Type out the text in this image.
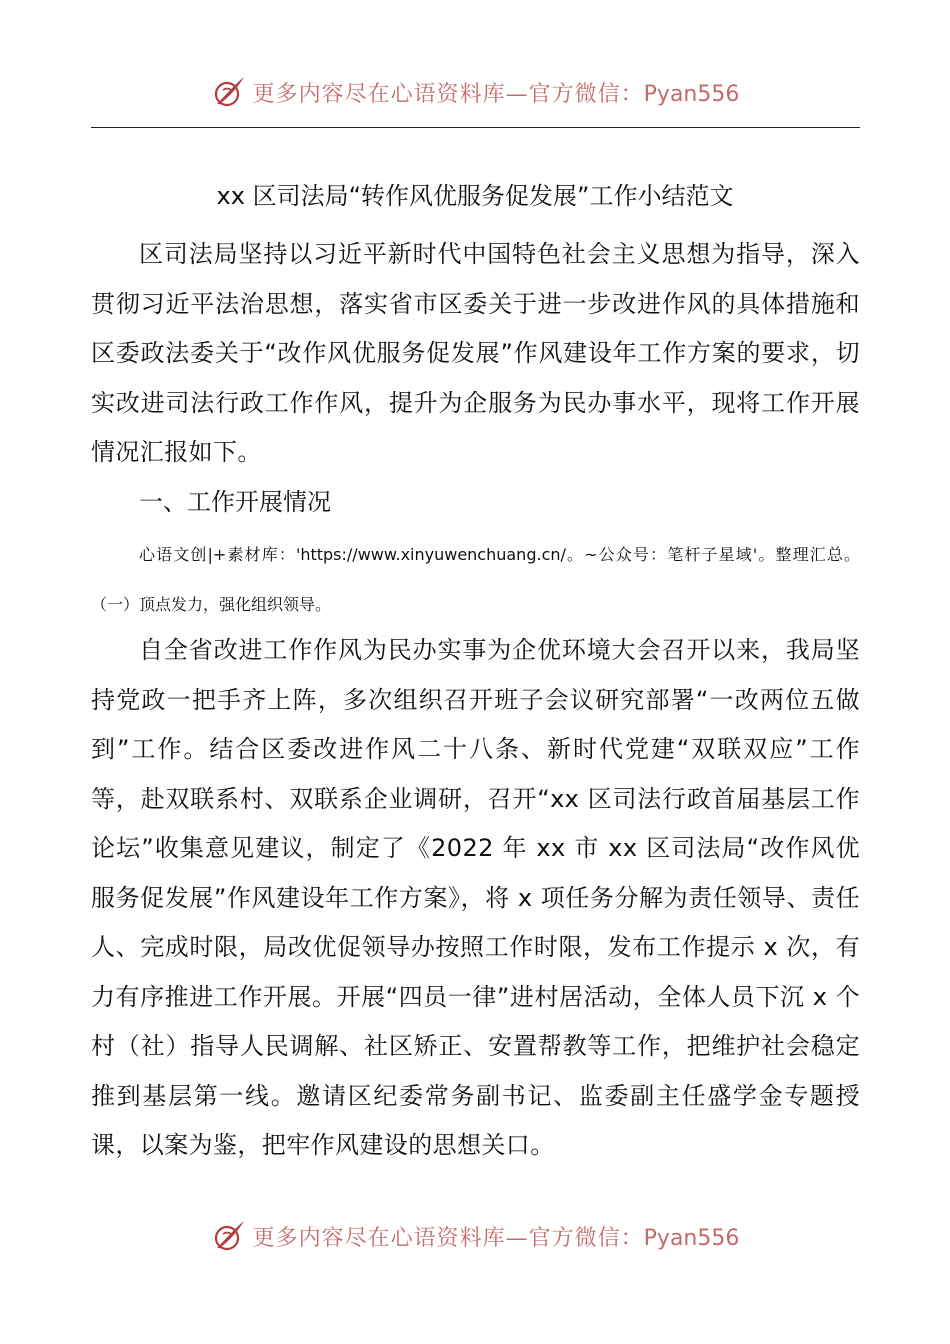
更多内容尽在心语资料库—官方微信：Pyan556
xx 区司法局“转作风优服务促发展”工作小结范文

区司法局坚持以习近平新时代中国特色社会主义思想为指导，深入贯彻习近平法治思想，落实省市区委关于进一步改进作风的具体措施和区委政法委关于“改作风优服务促发展”作风建设年工作方案的要求，切实改进司法行政工作作风，提升为企服务为民办事水平，现将工作开展情况汇报如下。

一、工作开展情况

心语文创|+素材库：'https://www.xinyuwenchuang.cn/。~公众号：笔杆子星域'。整理汇总。（一）顶点发力，强化组织领导。

自全省改进工作作风为民办实事为企优环境大会召开以来，我局坚持党政一把手齐上阵，多次组织召开班子会议研究部署“一改两位五做到”工作。结合区委改进作风二十八条、新时代党建“双联双应”工作等，赴双联系村、双联系企业调研，召开“xx 区司法行政首届基层工作论坛”收集意见建议，制定了《2022 年 xx 市 xx 区司法局“改作风优服务促发展”作风建设年工作方案》，将 x 项任务分解为责任领导、责任人、完成时限，局改优促领导办按照工作时限，发布工作提示 x 次，有力有序推进工作开展。开展“四员一律”进村居活动，全体人员下沉 x 个村（社）指导人民调解、社区矫正、安置帮教等工作，把维护社会稳定推到基层第一线。邀请区纪委常务副书记、监委副主任盛学金专题授课，以案为鉴，把牢作风建设的思想关口。

更多内容尽在心语资料库—官方微信：Pyan556
